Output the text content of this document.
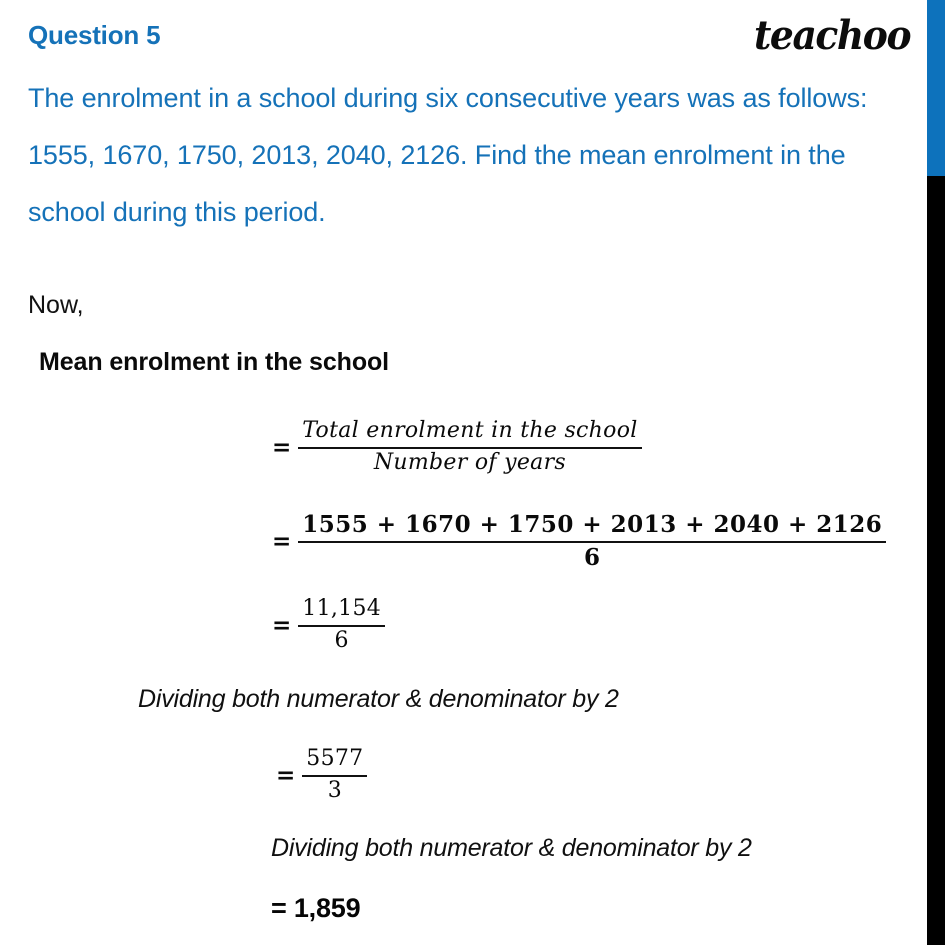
Question 5	teachoo
The enrolment in a school during six consecutive years was as follows:
1555, 1670, 1750, 2013, 2040, 2126. Find the mean enrolment in the
school during this period.
Now,
Mean enrolment in the school
= $\frac{\text{Total enrolment in the school}}{\text{Number of years}}$
= $\frac{1555 + 1670 + 1750 + 2013 + 2040 + 2126}{6}$
= $\frac{11,154}{6}$
Dividing both numerator & denominator by 2
= $\frac{5577}{3}$
Dividing both numerator & denominator by 2
= 1,859
